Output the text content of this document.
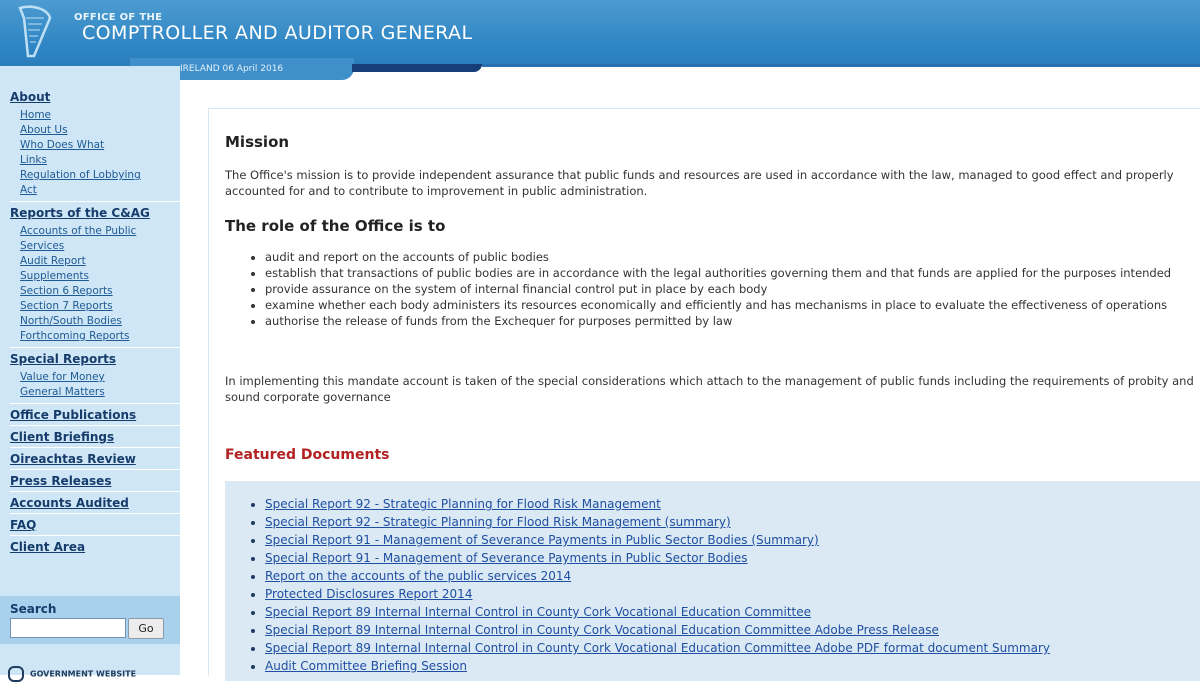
OFFICE OF THE
COMPTROLLER AND AUDITOR GENERAL
IRELAND 06 April 2016
About
Home
About Us
Who Does What
Links
Regulation of Lobbying
Act
Reports of the C&AG
Accounts of the Public
Services
Audit Report
Supplements
Section 6 Reports
Section 7 Reports
North/South Bodies
Forthcoming Reports
Special Reports
Value for Money
General Matters
Office Publications
Client Briefings
Oireachtas Review
Press Releases
Accounts Audited
FAQ
Client Area
Search
Go
GOVERNMENT WEBSITE
Mission
The Office's mission is to provide independent assurance that public funds and resources are used in accordance with the law, managed to good effect and properly accounted for and to contribute to improvement in public administration.
The role of the Office is to
• audit and report on the accounts of public bodies
• establish that transactions of public bodies are in accordance with the legal authorities governing them and that funds are applied for the purposes intended
• provide assurance on the system of internal financial control put in place by each body
• examine whether each body administers its resources economically and efficiently and has mechanisms in place to evaluate the effectiveness of operations
• authorise the release of funds from the Exchequer for purposes permitted by law
In implementing this mandate account is taken of the special considerations which attach to the management of public funds including the requirements of probity and sound corporate governance
Featured Documents
• Special Report 92 - Strategic Planning for Flood Risk Management
• Special Report 92 - Strategic Planning for Flood Risk Management (summary)
• Special Report 91 - Management of Severance Payments in Public Sector Bodies (Summary)
• Special Report 91 - Management of Severance Payments in Public Sector Bodies
• Report on the accounts of the public services 2014
• Protected Disclosures Report 2014
• Special Report 89 Internal Internal Control in County Cork Vocational Education Committee
• Special Report 89 Internal Internal Control in County Cork Vocational Education Committee Adobe Press Release
• Special Report 89 Internal Internal Control in County Cork Vocational Education Committee Adobe PDF format document Summary
• Audit Committee Briefing Session
